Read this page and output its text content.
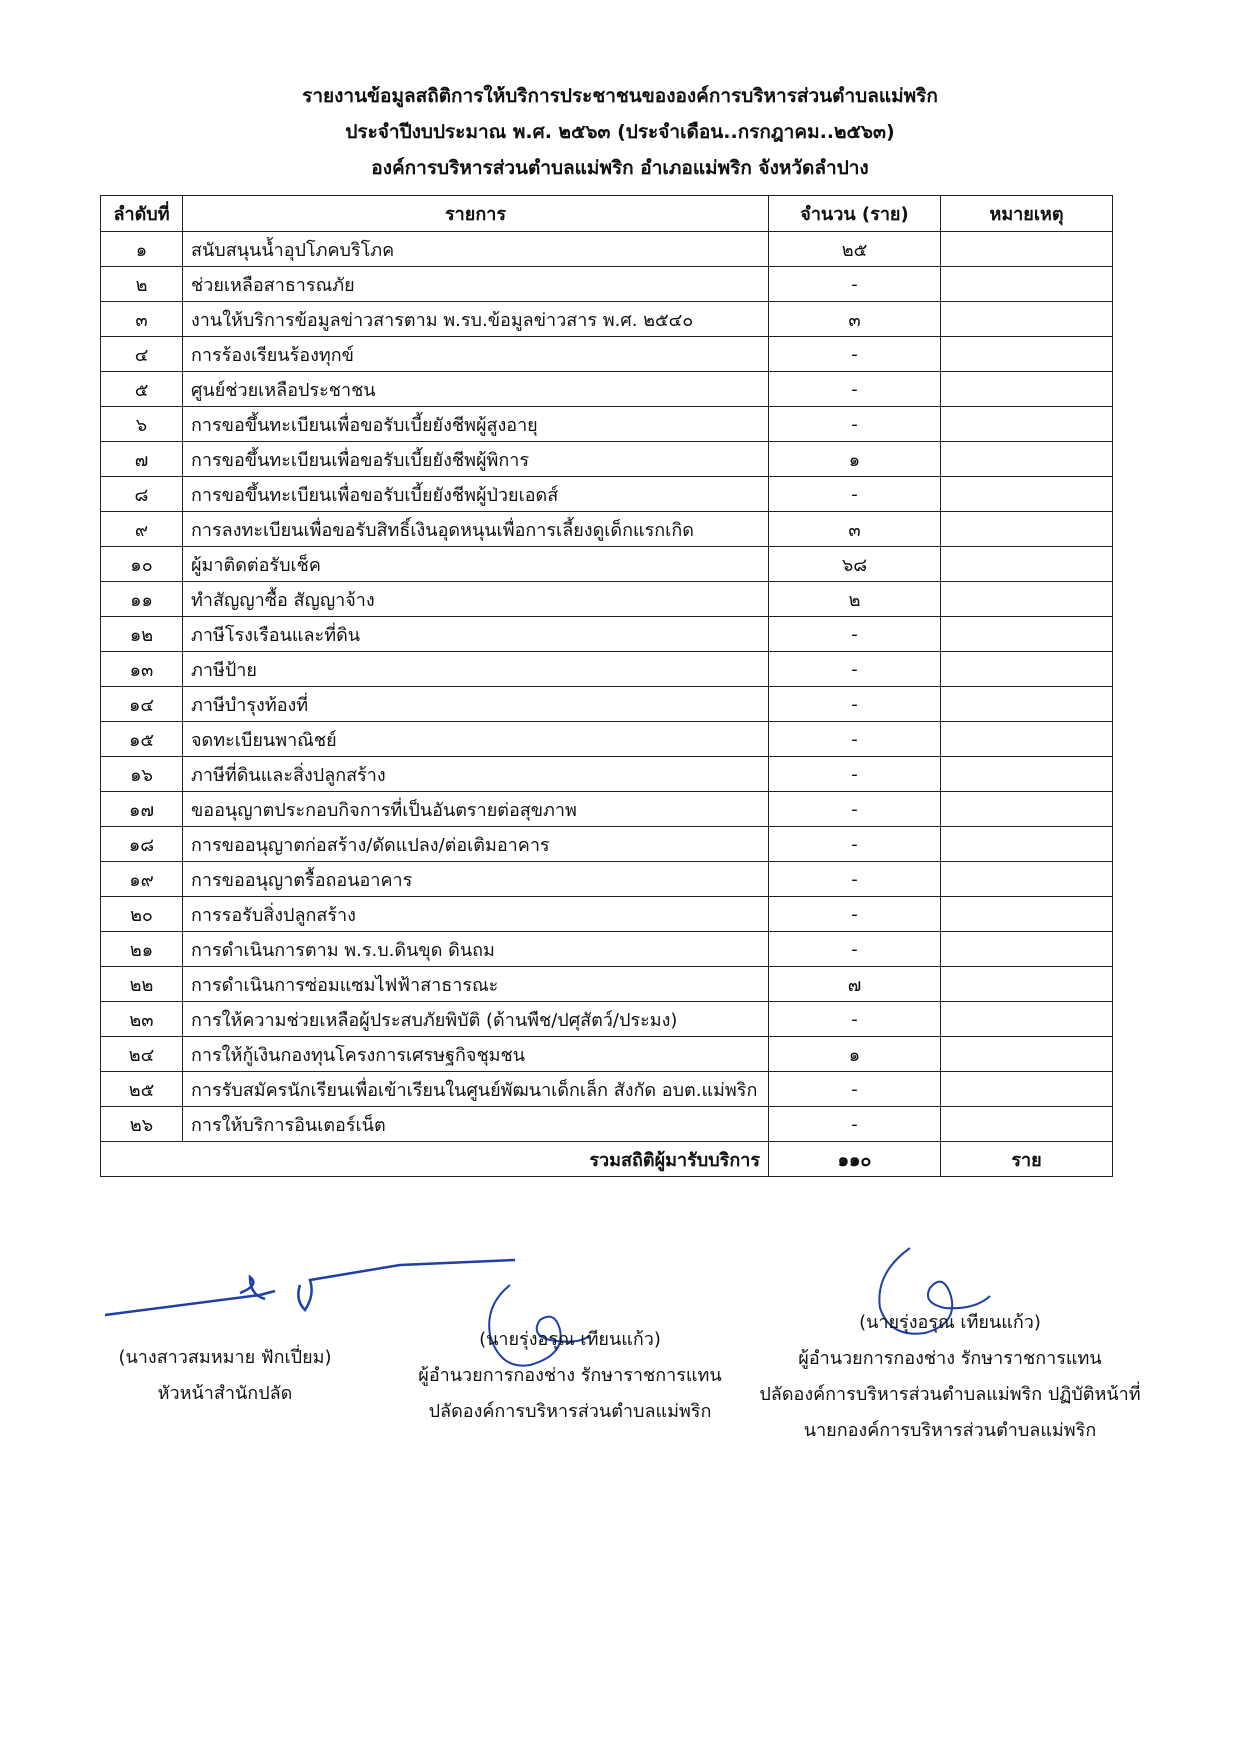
รายงานข้อมูลสถิติการให้บริการประชาชนขององค์การบริหารส่วนตำบลแม่พริก
ประจำปีงบประมาณ พ.ศ. ๒๕๖๓ (ประจำเดือน..กรกฎาคม..๒๕๖๓)
องค์การบริหารส่วนตำบลแม่พริก อำเภอแม่พริก จังหวัดลำปาง
ลำดับที่	รายการ	จำนวน (ราย)	หมายเหตุ
๑	สนับสนุนน้ำอุปโภคบริโภค	๒๕	
๒	ช่วยเหลือสาธารณภัย	-	
๓	งานให้บริการข้อมูลข่าวสารตาม พ.รบ.ข้อมูลข่าวสาร พ.ศ. ๒๕๔๐	๓	
๔	การร้องเรียนร้องทุกข์	-	
๕	ศูนย์ช่วยเหลือประชาชน	-	
๖	การขอขึ้นทะเบียนเพื่อขอรับเบี้ยยังชีพผู้สูงอายุ	-	
๗	การขอขึ้นทะเบียนเพื่อขอรับเบี้ยยังชีพผู้พิการ	๑	
๘	การขอขึ้นทะเบียนเพื่อขอรับเบี้ยยังชีพผู้ป่วยเอดส์	-	
๙	การลงทะเบียนเพื่อขอรับสิทธิ์เงินอุดหนุนเพื่อการเลี้ยงดูเด็กแรกเกิด	๓	
๑๐	ผู้มาติดต่อรับเช็ค	๖๘	
๑๑	ทำสัญญาซื้อ สัญญาจ้าง	๒	
๑๒	ภาษีโรงเรือนและที่ดิน	-	
๑๓	ภาษีป้าย	-	
๑๔	ภาษีบำรุงท้องที่	-	
๑๕	จดทะเบียนพาณิชย์	-	
๑๖	ภาษีที่ดินและสิ่งปลูกสร้าง	-	
๑๗	ขออนุญาตประกอบกิจการที่เป็นอันตรายต่อสุขภาพ	-	
๑๘	การขออนุญาตก่อสร้าง/ดัดแปลง/ต่อเติมอาคาร	-	
๑๙	การขออนุญาตรื้อถอนอาคาร	-	
๒๐	การรอรับสิ่งปลูกสร้าง	-	
๒๑	การดำเนินการตาม พ.ร.บ.ดินขุด ดินถม	-	
๒๒	การดำเนินการซ่อมแซมไฟฟ้าสาธารณะ	๗	
๒๓	การให้ความช่วยเหลือผู้ประสบภัยพิบัติ (ด้านพืช/ปศุสัตว์/ประมง)	-	
๒๔	การให้กู้เงินกองทุนโครงการเศรษฐกิจชุมชน	๑	
๒๕	การรับสมัครนักเรียนเพื่อเข้าเรียนในศูนย์พัฒนาเด็กเล็ก สังกัด อบต.แม่พริก	-	
๒๖	การให้บริการอินเตอร์เน็ต	-	
รวมสถิติผู้มารับบริการ		๑๑๐	ราย
(นางสาวสมหมาย ฟักเปี่ยม)
หัวหน้าสำนักปลัด
(นายรุ่งอรุณ เทียนแก้ว)
ผู้อำนวยการกองช่าง รักษาราชการแทน
ปลัดองค์การบริหารส่วนตำบลแม่พริก
(นายรุ่งอรุณ เทียนแก้ว)
ผู้อำนวยการกองช่าง รักษาราชการแทน
ปลัดองค์การบริหารส่วนตำบลแม่พริก ปฏิบัติหน้าที่
นายกองค์การบริหารส่วนตำบลแม่พริก
